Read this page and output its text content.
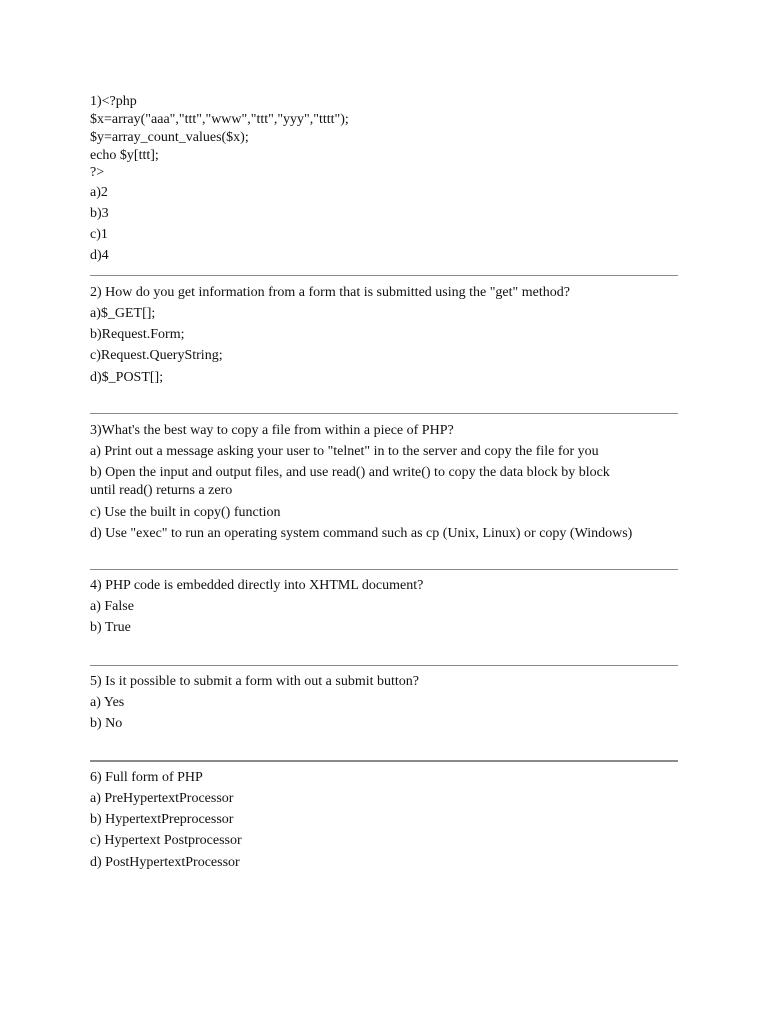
1)<?php
$x=array("aaa","ttt","www","ttt","yyy","tttt");
$y=array_count_values($x);
echo $y[ttt];
?>
a)2
b)3
c)1
d)4
2) How do you get information from a form that is submitted using the "get" method?
a)$_GET[];
b)Request.Form;
c)Request.QueryString;
d)$_POST[];
3)What's the best way to copy a file from within a piece of PHP?
a) Print out a message asking your user to "telnet" in to the server and copy the file for you
b) Open the input and output files, and use read() and write() to copy the data block by block
until read() returns a zero
c) Use the built in copy() function
d) Use "exec" to run an operating system command such as cp (Unix, Linux) or copy (Windows)
4) PHP code is embedded directly into XHTML document?
a) False
b) True
5) Is it possible to submit a form with out a submit button?
a) Yes
b) No
6) Full form of PHP
a) PreHypertextProcessor
b) HypertextPreprocessor
c) Hypertext Postprocessor
d) PostHypertextProcessor
